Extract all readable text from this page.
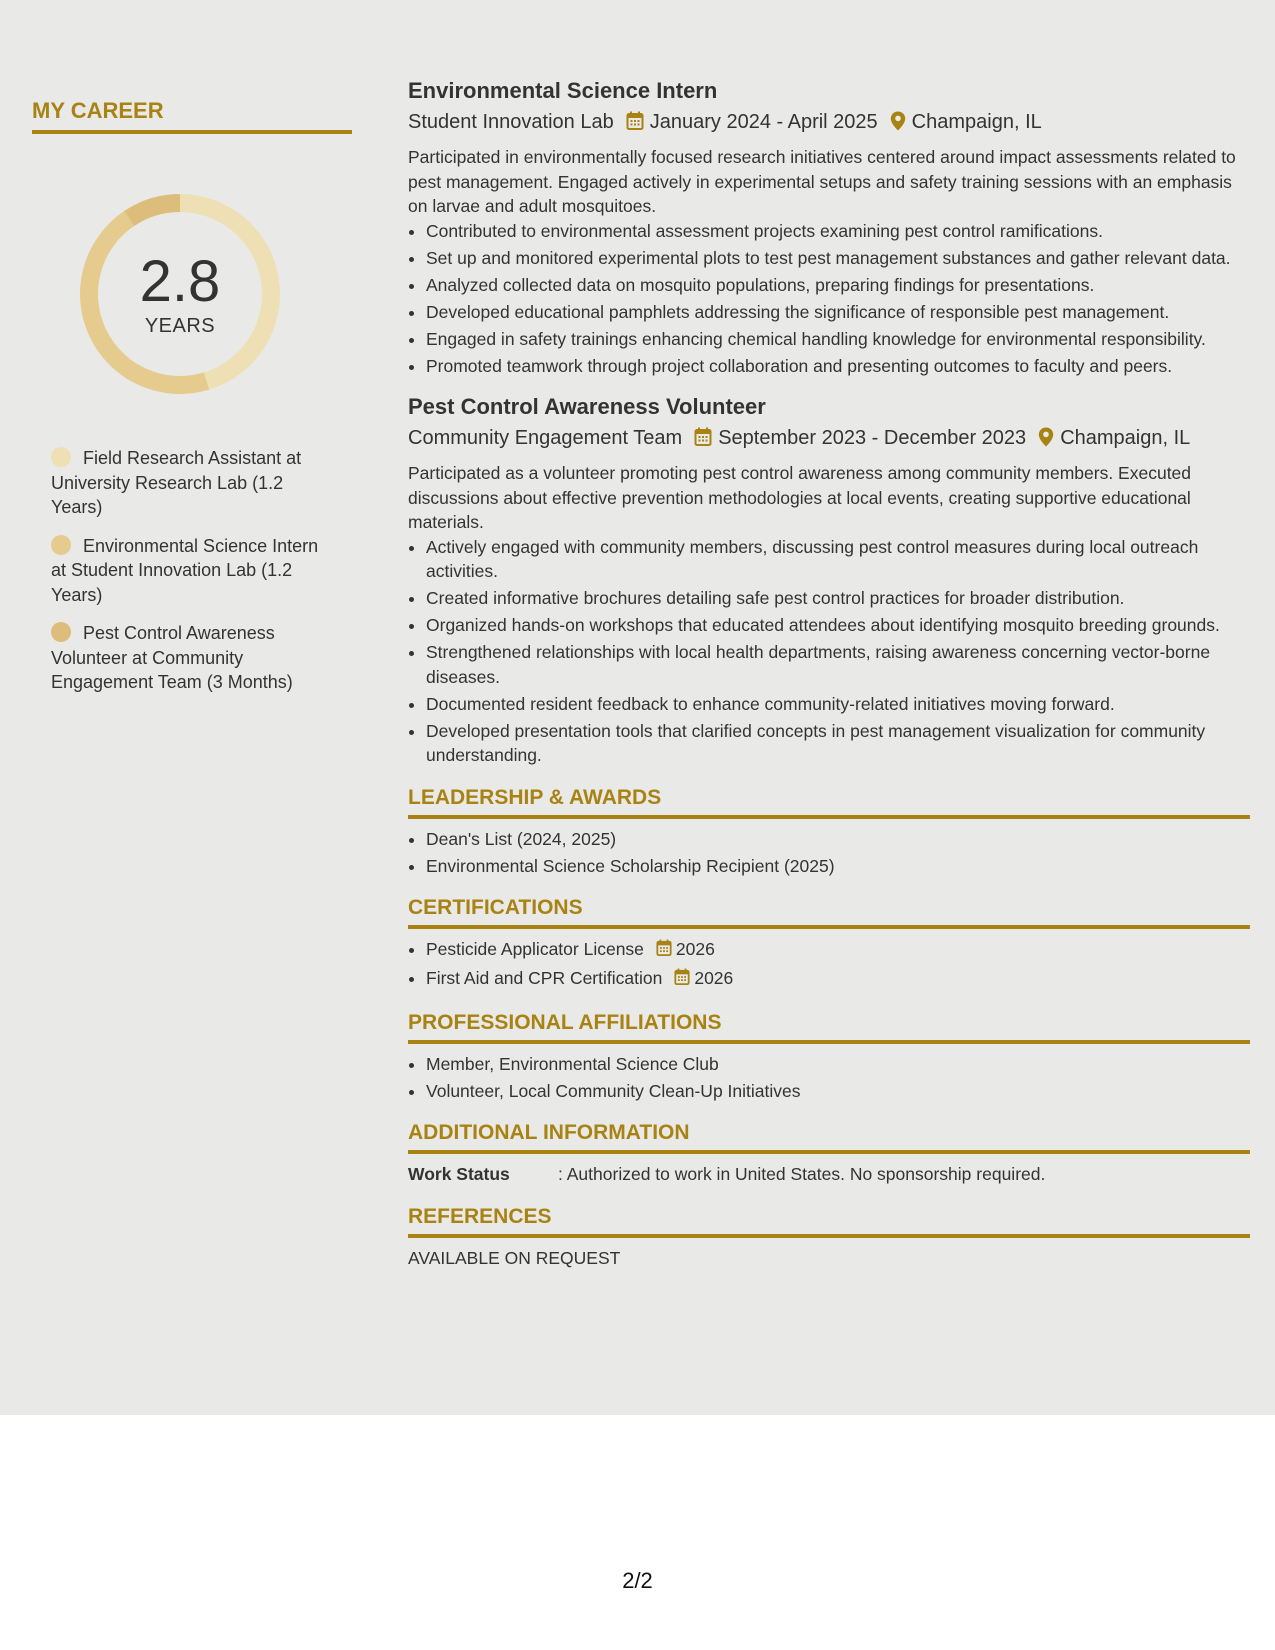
MY CAREER
2.8
YEARS
Field Research Assistant at University Research Lab (1.2 Years)
Environmental Science Intern at Student Innovation Lab (1.2 Years)
Pest Control Awareness Volunteer at Community Engagement Team (3 Months)
Environmental Science Intern
Student Innovation Lab January 2024 - April 2025 Champaign, IL

Participated in environmentally focused research initiatives centered around impact assessments related to pest management. Engaged actively in experimental setups and safety training sessions with an emphasis on larvae and adult mosquitoes.

• Contributed to environmental assessment projects examining pest control ramifications.
• Set up and monitored experimental plots to test pest management substances and gather relevant data.
• Analyzed collected data on mosquito populations, preparing findings for presentations.
• Developed educational pamphlets addressing the significance of responsible pest management.
• Engaged in safety trainings enhancing chemical handling knowledge for environmental responsibility.
• Promoted teamwork through project collaboration and presenting outcomes to faculty and peers.
Pest Control Awareness Volunteer
Community Engagement Team September 2023 - December 2023 Champaign, IL

Participated as a volunteer promoting pest control awareness among community members. Executed discussions about effective prevention methodologies at local events, creating supportive educational materials.

• Actively engaged with community members, discussing pest control measures during local outreach activities.
• Created informative brochures detailing safe pest control practices for broader distribution.
• Organized hands-on workshops that educated attendees about identifying mosquito breeding grounds.
• Strengthened relationships with local health departments, raising awareness concerning vector-borne diseases.
• Documented resident feedback to enhance community-related initiatives moving forward.
• Developed presentation tools that clarified concepts in pest management visualization for community understanding.
LEADERSHIP & AWARDS
• Dean's List (2024, 2025)
• Environmental Science Scholarship Recipient (2025)
CERTIFICATIONS
• Pesticide Applicator License 2026
• First Aid and CPR Certification 2026
PROFESSIONAL AFFILIATIONS
• Member, Environmental Science Club
• Volunteer, Local Community Clean-Up Initiatives
ADDITIONAL INFORMATION
Work Status	: Authorized to work in United States. No sponsorship required.
REFERENCES
AVAILABLE ON REQUEST
2/2
